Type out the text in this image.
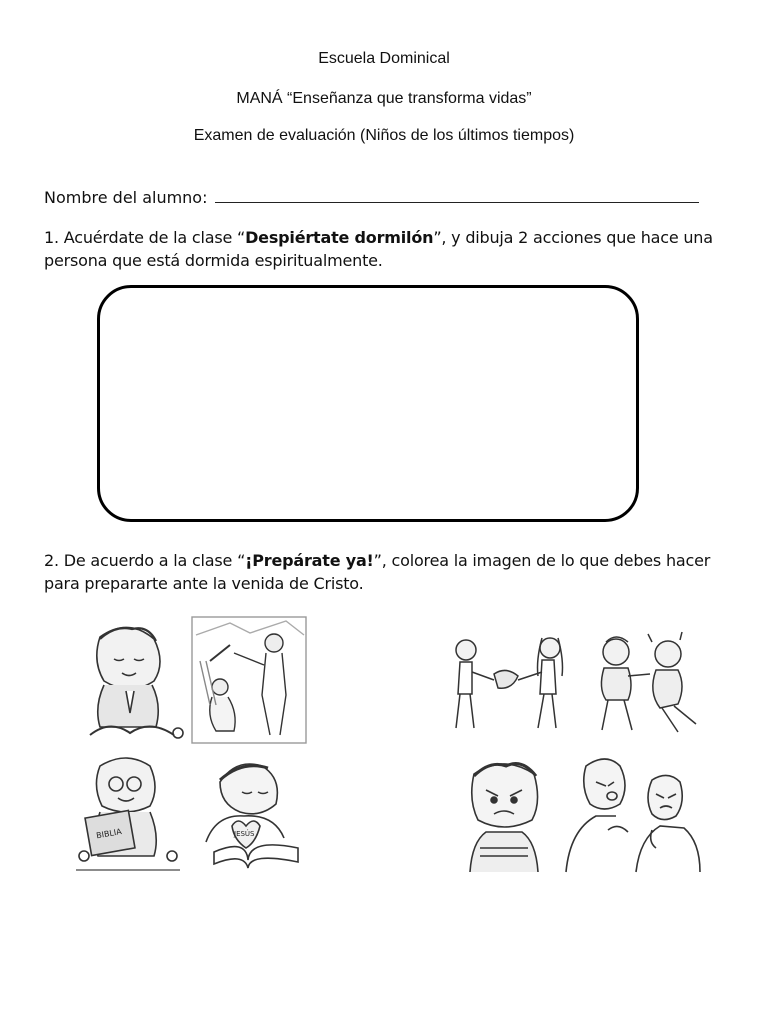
Escuela Dominical
MANÁ “Enseñanza que transforma vidas”
Examen de evaluación (Niños de los últimos tiempos)
Nombre del alumno:
1. Acuérdate de la clase “Despiértate dormilón”, y dibuja 2 acciones que hace una persona que está dormida espiritualmente.
2. De acuerdo a la clase “¡Prepárate ya!”, colorea la imagen de lo que debes hacer para prepararte ante la venida de Cristo.
BIBLIA	JESÚS
